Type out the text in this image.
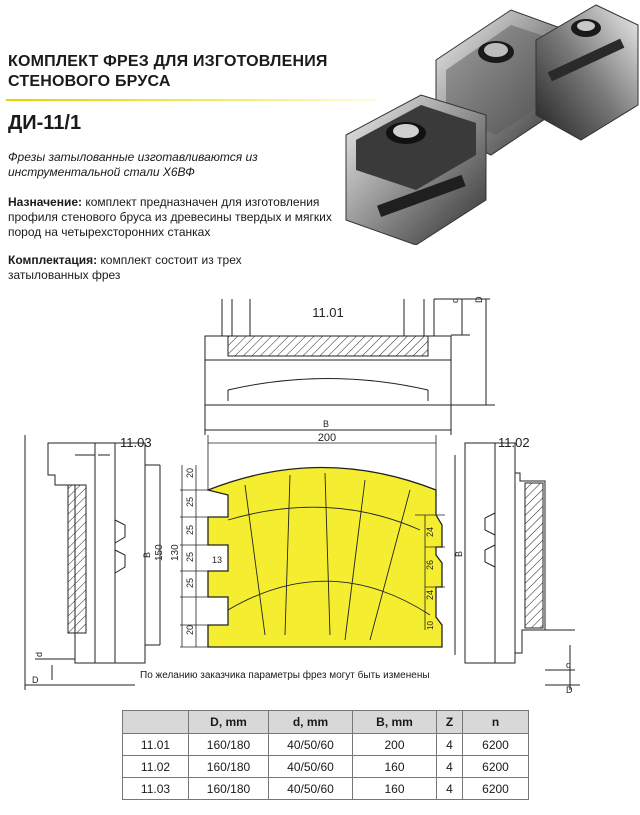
КОМПЛЕКТ ФРЕЗ ДЛЯ ИЗГОТОВЛЕНИЯ
СТЕНОВОГО БРУСА
ДИ-11/1
Фрезы затылованные изготавливаются из инструментальной стали Х6ВФ
Назначение: комплект предназначен для изготовления профиля стенового бруса из древесины твердых и мягких пород на четырехсторонних станках
Комплектация: комплект состоит из трех затылованных фрез
11.01
11.03	11.02
200
B
d D
B	B
150 130
20
25
25
25
25
20
13
24
26
24
10
d
D
d
D
По желанию заказчика параметры фрез могут быть изменены
	D, mm	d, mm	B, mm	Z	n
11.01	160/180	40/50/60	200	4	6200
11.02	160/180	40/50/60	160	4	6200
11.03	160/180	40/50/60	160	4	6200
